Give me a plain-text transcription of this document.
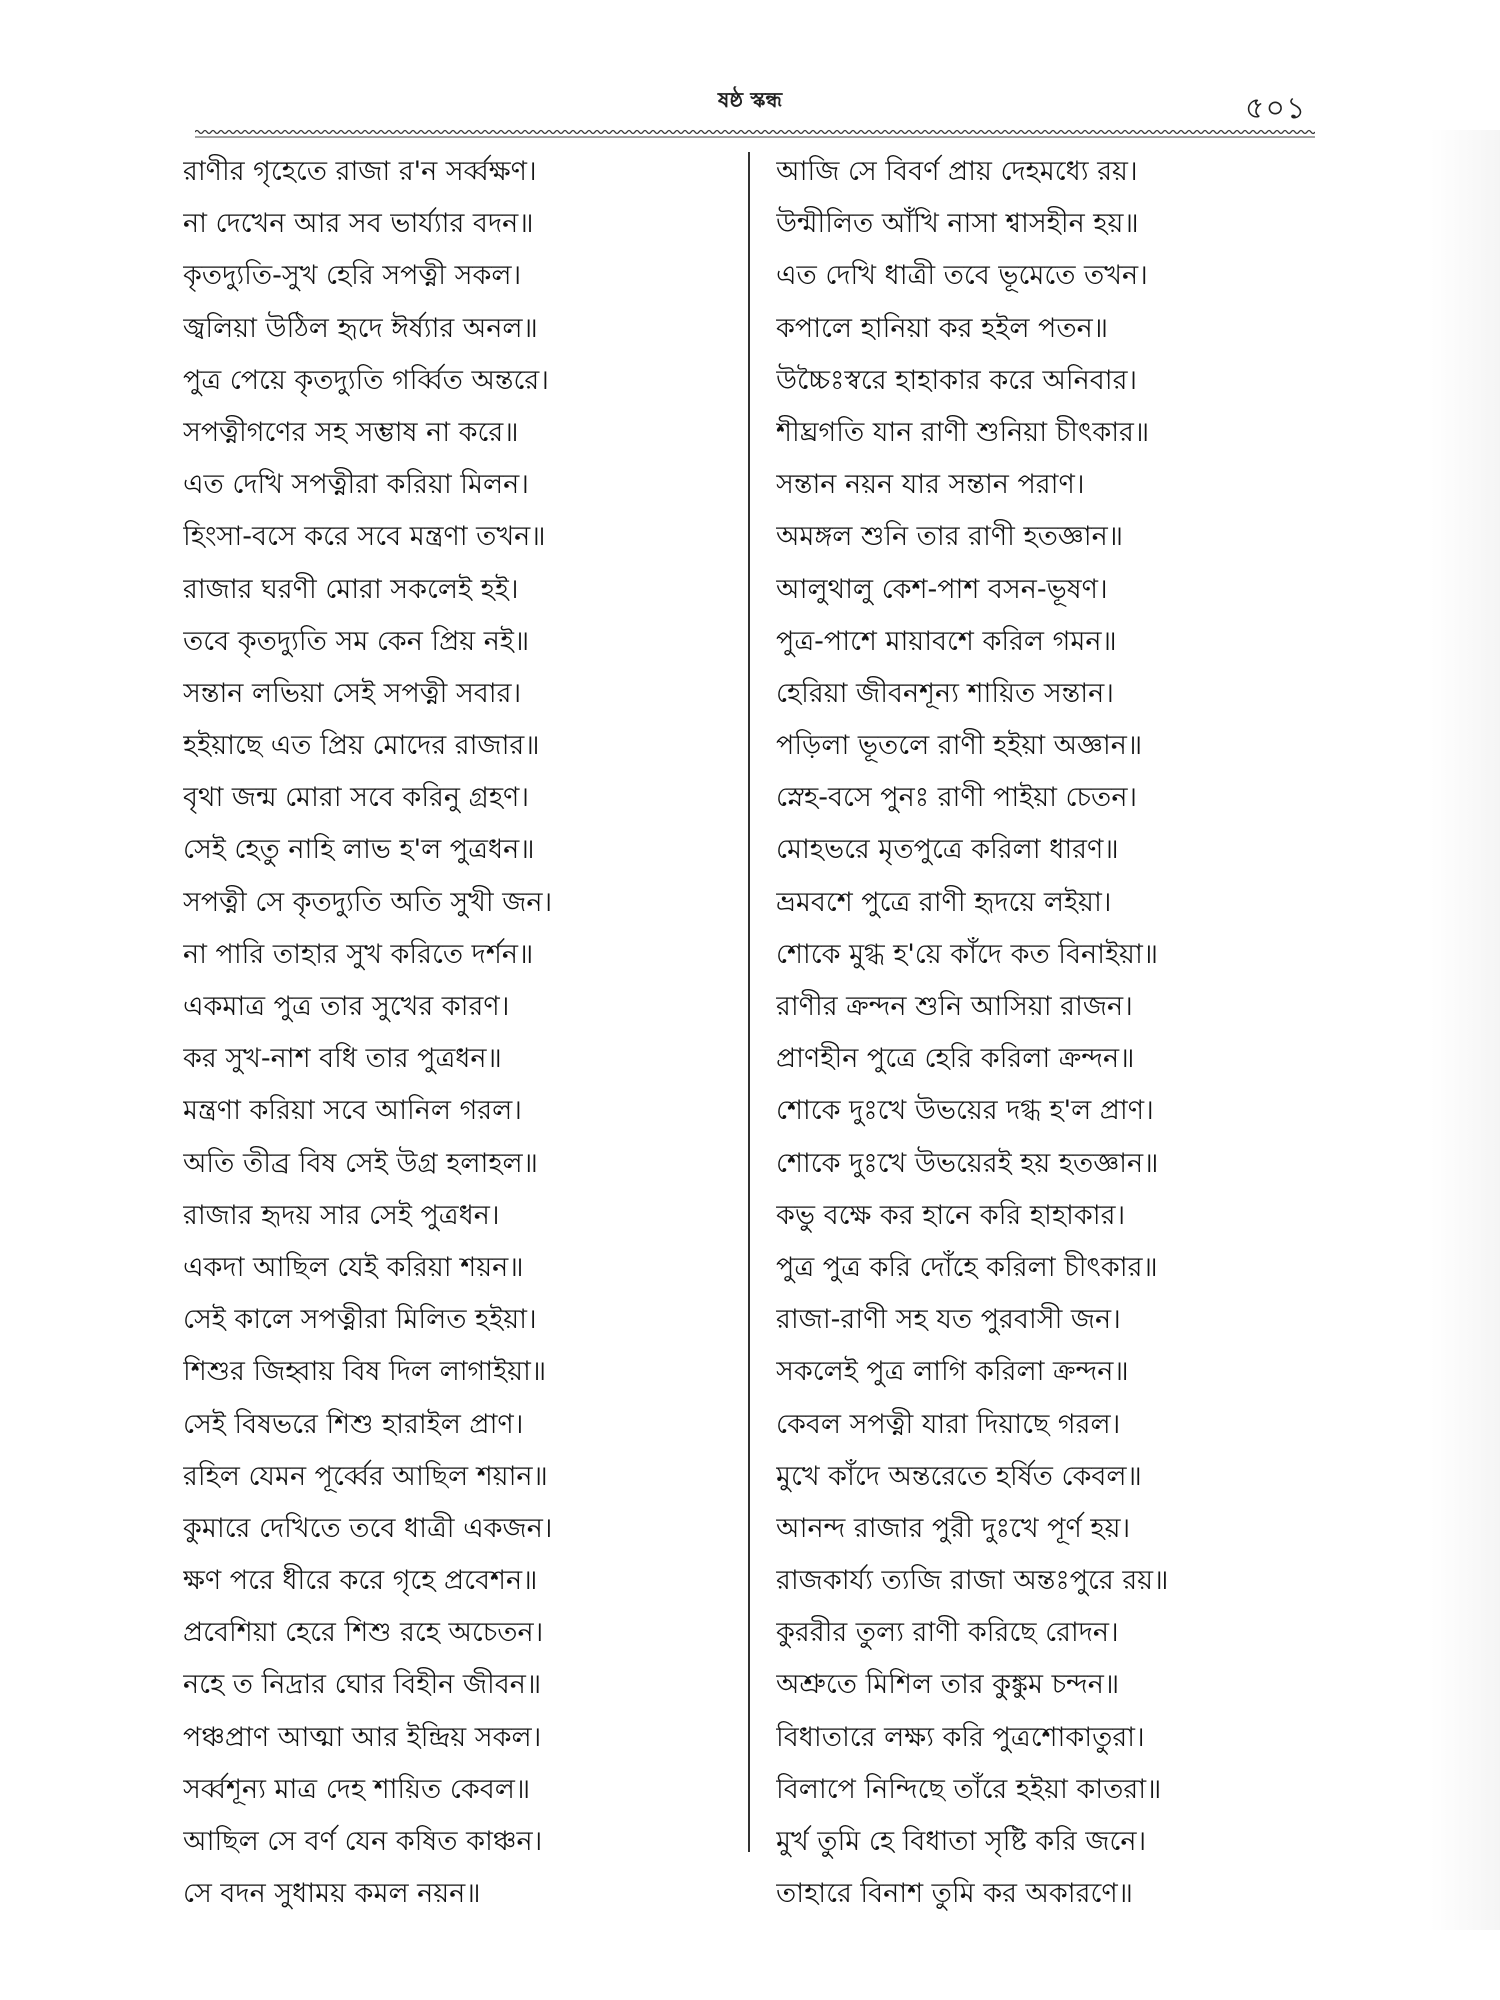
ষষ্ঠ স্কন্ধ	৫০১
রাণীর গৃহেতে রাজা র'ন সর্ব্বক্ষণ।
না দেখেন আর সব ভার্য্যার বদন॥
কৃতদ্যুতি-সুখ হেরি সপত্নী সকল।
জ্বলিয়া উঠিল হৃদে ঈর্ষ্যার অনল॥
পুত্র পেয়ে কৃতদ্যুতি গর্ব্বিত অন্তরে।
সপত্নীগণের সহ সম্ভাষ না করে॥
এত দেখি সপত্নীরা করিয়া মিলন।
হিংসা-বসে করে সবে মন্ত্রণা তখন॥
রাজার ঘরণী মোরা সকলেই হই।
তবে কৃতদ্যুতি সম কেন প্রিয় নই॥
সন্তান লভিয়া সেই সপত্নী সবার।
হইয়াছে এত প্রিয় মোদের রাজার॥
বৃথা জন্ম মোরা সবে করিনু গ্রহণ।
সেই হেতু নাহি লাভ হ'ল পুত্রধন॥
সপত্নী সে কৃতদ্যুতি অতি সুখী জন।
না পারি তাহার সুখ করিতে দর্শন॥
একমাত্র পুত্র তার সুখের কারণ।
কর সুখ-নাশ বধি তার পুত্রধন॥
মন্ত্রণা করিয়া সবে আনিল গরল।
অতি তীব্র বিষ সেই উগ্র হলাহল॥
রাজার হৃদয় সার সেই পুত্রধন।
একদা আছিল যেই করিয়া শয়ন॥
সেই কালে সপত্নীরা মিলিত হইয়া।
শিশুর জিহ্বায় বিষ দিল লাগাইয়া॥
সেই বিষভরে শিশু হারাইল প্রাণ।
রহিল যেমন পূর্ব্বের আছিল শয়ান॥
কুমারে দেখিতে তবে ধাত্রী একজন।
ক্ষণ পরে ধীরে করে গৃহে প্রবেশন॥
প্রবেশিয়া হেরে শিশু রহে অচেতন।
নহে ত নিদ্রার ঘোর বিহীন জীবন॥
পঞ্চপ্রাণ আত্মা আর ইন্দ্রিয় সকল।
সর্ব্বশূন্য মাত্র দেহ শায়িত কেবল॥
আছিল সে বর্ণ যেন কষিত কাঞ্চন।
সে বদন সুধাময় কমল নয়ন॥
আজি সে বিবর্ণ প্রায় দেহমধ্যে রয়।
উন্মীলিত আঁখি নাসা শ্বাসহীন হয়॥
এত দেখি ধাত্রী তবে ভূমেতে তখন।
কপালে হানিয়া কর হইল পতন॥
উচ্চৈঃস্বরে হাহাকার করে অনিবার।
শীঘ্রগতি যান রাণী শুনিয়া চীৎকার॥
সন্তান নয়ন যার সন্তান পরাণ।
অমঙ্গল শুনি তার রাণী হতজ্ঞান॥
আলুথালু কেশ-পাশ বসন-ভূষণ।
পুত্র-পাশে মায়াবশে করিল গমন॥
হেরিয়া জীবনশূন্য শায়িত সন্তান।
পড়িলা ভূতলে রাণী হইয়া অজ্ঞান॥
স্নেহ-বসে পুনঃ রাণী পাইয়া চেতন।
মোহভরে মৃতপুত্রে করিলা ধারণ॥
ভ্রমবশে পুত্রে রাণী হৃদয়ে লইয়া।
শোকে মুগ্ধ হ'য়ে কাঁদে কত বিনাইয়া॥
রাণীর ক্রন্দন শুনি আসিয়া রাজন।
প্রাণহীন পুত্রে হেরি করিলা ক্রন্দন॥
শোকে দুঃখে উভয়ের দগ্ধ হ'ল প্রাণ।
শোকে দুঃখে উভয়েরই হয় হতজ্ঞান॥
কভু বক্ষে কর হানে করি হাহাকার।
পুত্র পুত্র করি দোঁহে করিলা চীৎকার॥
রাজা-রাণী সহ যত পুরবাসী জন।
সকলেই পুত্র লাগি করিলা ক্রন্দন॥
কেবল সপত্নী যারা দিয়াছে গরল।
মুখে কাঁদে অন্তরেতে হর্ষিত কেবল॥
আনন্দ রাজার পুরী দুঃখে পূর্ণ হয়।
রাজকার্য্য ত্যজি রাজা অন্তঃপুরে রয়॥
কুররীর তুল্য রাণী করিছে রোদন।
অশ্রুতে মিশিল তার কুঙ্কুম চন্দন॥
বিধাতারে লক্ষ্য করি পুত্রশোকাতুরা।
বিলাপে নিন্দিছে তাঁরে হইয়া কাতরা॥
মুর্খ তুমি হে বিধাতা সৃষ্টি করি জনে।
তাহারে বিনাশ তুমি কর অকারণে॥
